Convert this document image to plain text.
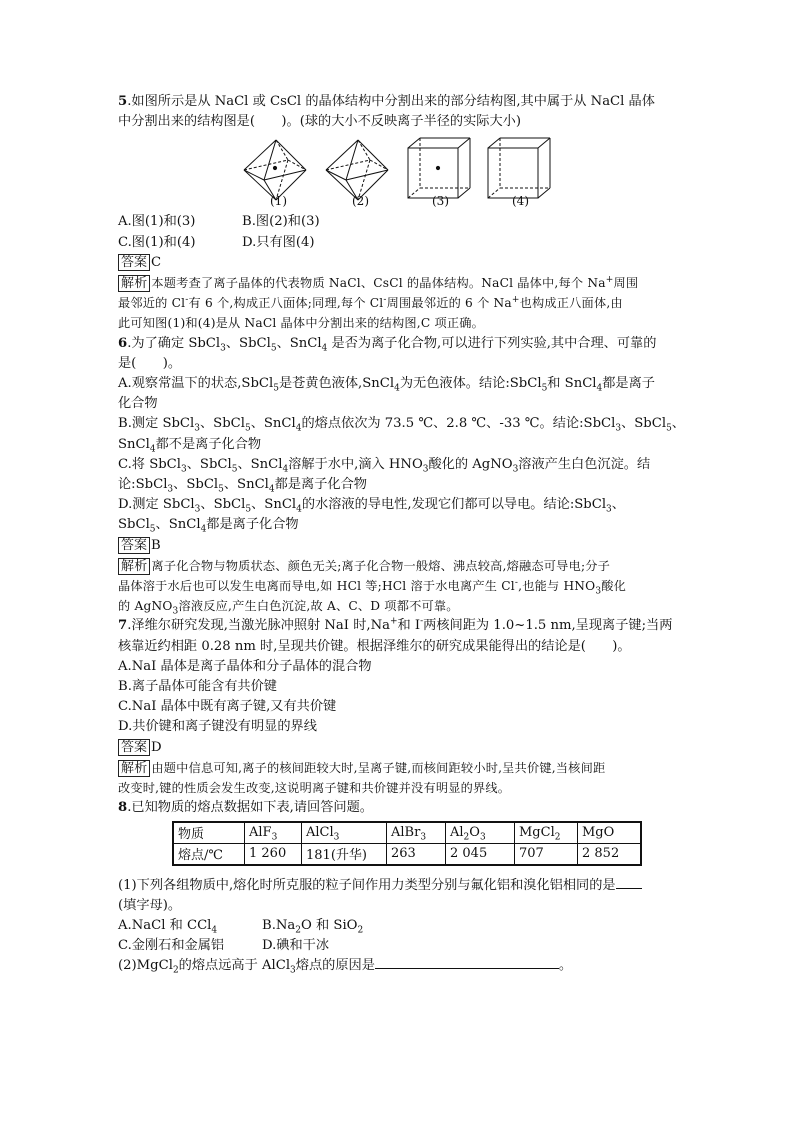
5.如图所示是从 NaCl 或 CsCl 的晶体结构中分割出来的部分结构图,其中属于从 NaCl 晶体
中分割出来的结构图是(　　)。(球的大小不反映离子半径的实际大小)
(1)	(2)	(3)	(4)
A.图(1)和(3)	B.图(2)和(3)
C.图(1)和(4)	D.只有图(4)
答案 C
解析 本题考查了离子晶体的代表物质 NaCl、CsCl 的晶体结构。NaCl 晶体中,每个 Na+周围
最邻近的 Cl-有 6 个,构成正八面体;同理,每个 Cl-周围最邻近的 6 个 Na+也构成正八面体,由
此可知图(1)和(4)是从 NaCl 晶体中分割出来的结构图,C 项正确。
6.为了确定 SbCl$_3$、SbCl$_5$、SnCl$_4$ 是否为离子化合物,可以进行下列实验,其中合理、可靠的
是(　　)。
A.观察常温下的状态,SbCl$_5$是苍黄色液体,SnCl$_4$为无色液体。结论:SbCl$_5$和 SnCl$_4$都是离子
化合物
B.测定 SbCl$_3$、SbCl$_5$、SnCl$_4$的熔点依次为 73.5 ℃、2.8 ℃、-33 ℃。结论:SbCl$_3$、SbCl$_5$、
SnCl$_4$都不是离子化合物
C.将 SbCl$_3$、SbCl$_5$、SnCl$_4$溶解于水中,滴入 $HNO_3$酸化的 AgNO$_3$溶液产生白色沉淀。结
论:SbCl$_3$、SbCl$_5$、SnCl$_4$都是离子化合物
D.测定 SbCl$_3$、SbCl$_5$、SnCl$_4$的水溶液的导电性,发现它们都可以导电。结论:SbCl$_3$、
SbCl$_5$、SnCl$_4$都是离子化合物
答案 B
解析 离子化合物与物质状态、颜色无关;离子化合物一般熔、沸点较高,熔融态可导电;分子
晶体溶于水后也可以发生电离而导电,如 HCl 等;HCl 溶于水电离产生 Cl-,也能与 $HNO_3$酸化
的 AgNO$_3$溶液反应,产生白色沉淀,故 A、C、D 项都不可靠。
7.泽维尔研究发现,当激光脉冲照射 NaI 时,Na+和 I-两核间距为 1.0~1.5 nm,呈现离子键;当两
核靠近约相距 0.28 nm 时,呈现共价键。根据泽维尔的研究成果能得出的结论是(　　)。
A.NaI 晶体是离子晶体和分子晶体的混合物
B.离子晶体可能含有共价键
C.NaI 晶体中既有离子键,又有共价键
D.共价键和离子键没有明显的界线
答案 D
解析 由题中信息可知,离子的核间距较大时,呈离子键,而核间距较小时,呈共价键,当核间距
改变时,键的性质会发生改变,这说明离子键和共价键并没有明显的界线。
8.已知物质的熔点数据如下表,请回答问题。
物质	AlF$_3$	AlCl$_3$	AlBr$_3$	$Al_2O_3$	MgCl$_2$	MgO
熔点/℃	1 260	181(升华)	263	2 045	707	2 852
(1)下列各组物质中,熔化时所克服的粒子间作用力类型分别与氟化铝和溴化铝相同的是
(填字母)。
A.NaCl 和 CCl$_4$	$B.Na_2O$ 和 SiO$_2$
C.金刚石和金属铝	D.碘和干冰
(2)MgCl$_2$的熔点远高于 AlCl$_3$熔点的原因是	。
